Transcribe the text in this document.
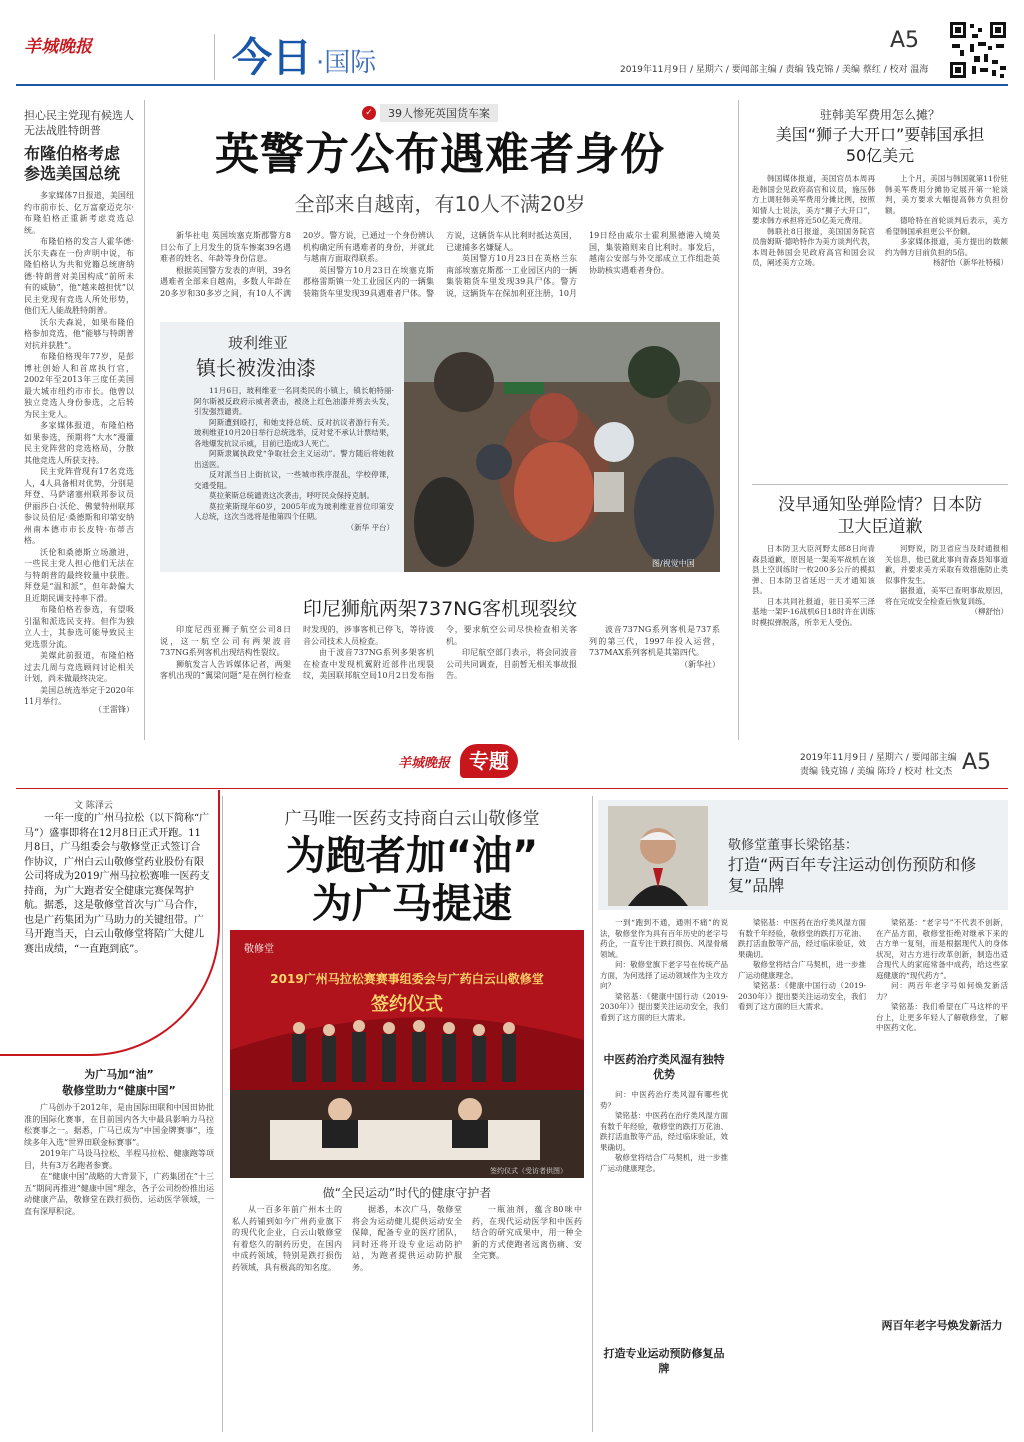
羊城晚报	今日 ·国际
A5
2019年11月9日 / 星期六 / 要闻部主编 / 责编 钱克锦 / 美编 蔡红 / 校对 温海
担心民主党现有候选人无法战胜特朗普
布隆伯格考虑参选美国总统

多家媒体7日报道，美国纽约市前市长、亿万富豪迈克尔·布隆伯格正重新考虑竞选总统。

布隆伯格的发言人霍华德·沃尔夫森在一份声明中说，布隆伯格认为共和党籍总统唐纳德·特朗普对美国构成“前所未有的威胁”，他“越来越担忧”以民主党现有竞选人所处形势，他们无人能战胜特朗普。

沃尔夫森说，如果布隆伯格参加竞选，他“能够与特朗普对抗并获胜”。

布隆伯格现年77岁，是彭博社创始人和首席执行官，2002年至2013年三度任美国最大城市纽约市市长。他曾以独立竞选人身份参选，之后转为民主党人。

多家媒体报道，布隆伯格如果参选，预期将“大水”漫灌民主党阵营的竞选格局，分散其他竞选人所获支持。

民主党阵营现有17名竞选人，4人具备相对优势，分别是拜登、马萨诸塞州联邦参议员伊丽莎白·沃伦、佛蒙特州联邦参议员伯尼·桑德斯和印第安纳州南本德市市长皮特·布蒂吉格。

沃伦和桑德斯立场激进，一些民主党人担心他们无法在与特朗普的最终较量中获胜。拜登是“温和派”，但年龄偏大且近期民调支持率下滑。

布隆伯格若参选，有望吸引温和派选民支持。但作为独立人士，其参选可能导致民主党选票分流。

美媒此前报道，布隆伯格过去几周与竞选顾问讨论相关计划，尚未做最终决定。

美国总统选举定于2020年11月举行。

（王雷锋）
✓	39人惨死英国货车案
英警方公布遇难者身份
全部来自越南，有10人不满20岁

新华社电 英国埃塞克斯郡警方8日公布了上月发生的货车惨案39名遇难者的姓名、年龄等身份信息。

根据英国警方发表的声明，39名遇难者全部来自越南，多数人年龄在20多岁和30多岁之间，有10人不满20岁。警方说，已通过一个身份辨认机构确定所有遇难者的身份，并就此与越南方面取得联系。

英国警方10月23日在埃塞克斯郡格雷斯镇一处工业园区内的一辆集装箱货车里发现39具遇难者尸体。警方说，这辆货车从比利时抵达英国，已逮捕多名嫌疑人。

英国警方10月23日在英格兰东南部埃塞克斯郡一工业园区内的一辆集装箱货车里发现39具尸体。警方说，这辆货车在保加利亚注册，10月19日经由威尔士霍利黑德港入境英国，集装箱则来自比利时。事发后，越南公安部与外交部成立工作组赴英协助核实遇难者身份。

玻利维亚
镇长被泼油漆

11月6日，玻利维亚一名同类民的小镇上，镇长帕特丽·阿尔斯被反政府示威者袭击，被浇上红色油漆并剪去头发，引发强烈谴责。

阿斯遭到殴打，和她支持总统、反对抗议者游行有关。玻利维亚10月20日举行总统选举，反对党不承认计票结果，各地爆发抗议示威，目前已造成3人死亡。

阿斯隶属执政党“争取社会主义运动”。警方随后将她救出送医。

反对派当日上街抗议，一些城市秩序混乱，学校停课，交通受阻。

莫拉莱斯总统谴责这次袭击，呼吁民众保持克制。

莫拉莱斯现年60岁，2005年成为玻利维亚首位印第安人总统，这次当选将是他第四个任期。

（新华 平台）

图/视觉中国
印尼狮航两架737NG客机现裂纹

印度尼西亚狮子航空公司8日说，这一航空公司有两架波音737NG系列客机出现结构性裂纹。

狮航发言人告诉媒体记者，两架客机出现的“翼梁问题”是在例行检查时发现的，涉事客机已停飞，等待波音公司技术人员检查。

由于波音737NG系列多架客机在检查中发现机翼附近部件出现裂纹，美国联邦航空局10月2日发布指令，要求航空公司尽快检查相关客机。

印尼航空部门表示，将会同波音公司共同调查，目前暂无相关事故报告。

波音737NG系列客机是737系列的第三代，1997年投入运营，737MAX系列客机是其第四代。

（新华社）

驻韩美军费用怎么摊？
美国“狮子大开口”要韩国承担50亿美元

韩国媒体报道，美国官员本周再赴韩国会见政府高官和议员，施压韩方上调驻韩美军费用分摊比例，按照知情人士说法，美方“狮子大开口”，要求韩方承担将近50亿美元费用。

韩联社8日报道，美国国务院官员詹姆斯·德哈特作为美方谈判代表，本周赴韩国会见政府高官和国会议员，阐述美方立场。

上个月，美国与韩国就第11份驻韩美军费用分摊协定展开第一轮谈判，美方要求大幅提高韩方负担份额。

德哈特在首轮谈判后表示，美方希望韩国承担更公平份额。

多家媒体报道，美方提出的数额约为韩方目前负担的5倍。

杨舒怡（新华社特稿）

没早通知坠弹险情？日本防卫大臣道歉

日本防卫大臣河野太郎8日向青森县道歉，原因是一架美军战机在该县上空训练时一枚200多公斤的模拟弹、日本防卫省延迟一天才通知该县。

日本共同社报道，驻日美军三泽基地一架F-16战机6日18时许在训练时模拟弹脱落，所幸无人受伤。

河野说，防卫省应当及时通报相关信息，他已就此事向青森县知事道歉，并要求美方采取有效措施防止类似事件发生。

据报道，美军已查明事故原因，将在完成安全检查后恢复训练。

（柳舒怡）

羊城晚报 专题	2019年11月9日 / 星期六 / 要闻部主编
责编 钱克锦 / 美编 陈玲 / 校对 杜文杰 A5
文 陈泽云
一年一度的广州马拉松（以下简称“广马”）盛事即将在12月8日正式开跑。11月8日，广马组委会与敬修堂正式签订合作协议，广州白云山敬修堂药业股份有限公司将成为2019广州马拉松赛唯一医药支持商，为广大跑者安全健康完赛保驾护航。据悉，这是敬修堂首次与广马合作，也是广药集团为广马助力的关键纽带。广马开跑当天，白云山敬修堂将陪广大健儿赛出成绩，“一直跑到底”。
广马唯一医药支持商白云山敬修堂
为跑者加“油”
为广马提速
敬修堂
2019广州马拉松赛赛事组委会与广药白云山敬修堂
签约仪式
签约仪式（受访者供图）
做“全民运动”时代的健康守护者
为广马加“油”
敬修堂助力“健康中国”

广马创办于2012年，是由国际田联和中国田协批准的国际化赛事，在目前国内各大中最具影响力马拉松赛事之一。据悉，广马已成为“中国金牌赛事”，连续多年入选“世界田联金标赛事”。

2019年广马设马拉松、半程马拉松、健康跑等项目，共有3万名跑者参赛。

在“健康中国”战略的大背景下，广药集团在“十三五”期间再推进“健康中国”理念，各子公司纷纷推出运动健康产品，敬修堂在跌打损伤、运动医学领域，一直有深厚积淀。	从一百多年前广州本土的私人药铺到如今广州药业旗下的现代化企业，白云山敬修堂有着悠久的制药历史，在国内中成药领域，特别是跌打损伤药领域，具有极高的知名度。

据悉，本次广马，敬修堂将会为运动健儿提供运动安全保障，配备专业的医疗团队，同时还将开设专业运动防护站，为跑者提供运动防护服务。

一瓶油剂，蕴含80味中药，在现代运动医学和中医药结合的研究成果中，用一种全新的方式使跑者远离伤痛、安全完赛。

敬修堂董事长梁铭基：
打造“两百年专注运动创伤预防和修复”品牌

一到“跑到不通，通则不痛”的说法，敬修堂作为具有百年历史的老字号药企，一直专注于跌打损伤、风湿骨痛领域。

问：敬修堂旗下老字号在传统产品方面，为何选择了运动领域作为主攻方向？

梁铭基：《健康中国行动（2019-2030年）》提出要关注运动安全，我们看到了这方面的巨大需求。

中医药治疗类风湿有独特优势

问：中医药治疗类风湿有哪些优势？

梁铭基：中医药在治疗类风湿方面有数千年经验，敬修堂的跌打万花油、跌打活血散等产品，经过临床验证，效果确切。

敬修堂将结合广马契机，进一步推广运动健康理念。

打造专业运动预防修复品牌

梁铭基：中医药在治疗类风湿方面有数千年经验，敬修堂的跌打万花油、跌打活血散等产品，经过临床验证，效果确切。

敬修堂将结合广马契机，进一步推广运动健康理念。

梁铭基：《健康中国行动（2019-2030年）》提出要关注运动安全，我们看到了这方面的巨大需求。

梁铭基：“老字号”不代表不创新，在产品方面，敬修堂拒绝对继承下来的古方单一复刻，而是根据现代人的身体状况，对古方进行改革创新，制造出适合现代人的家庭常备中成药，给这些家庭健康的“现代药方”。

问：两百年老字号如何焕发新活力？

梁铭基：我们希望在广马这样的平台上，让更多年轻人了解敬修堂，了解中医药文化。

两百年老字号焕发新活力
